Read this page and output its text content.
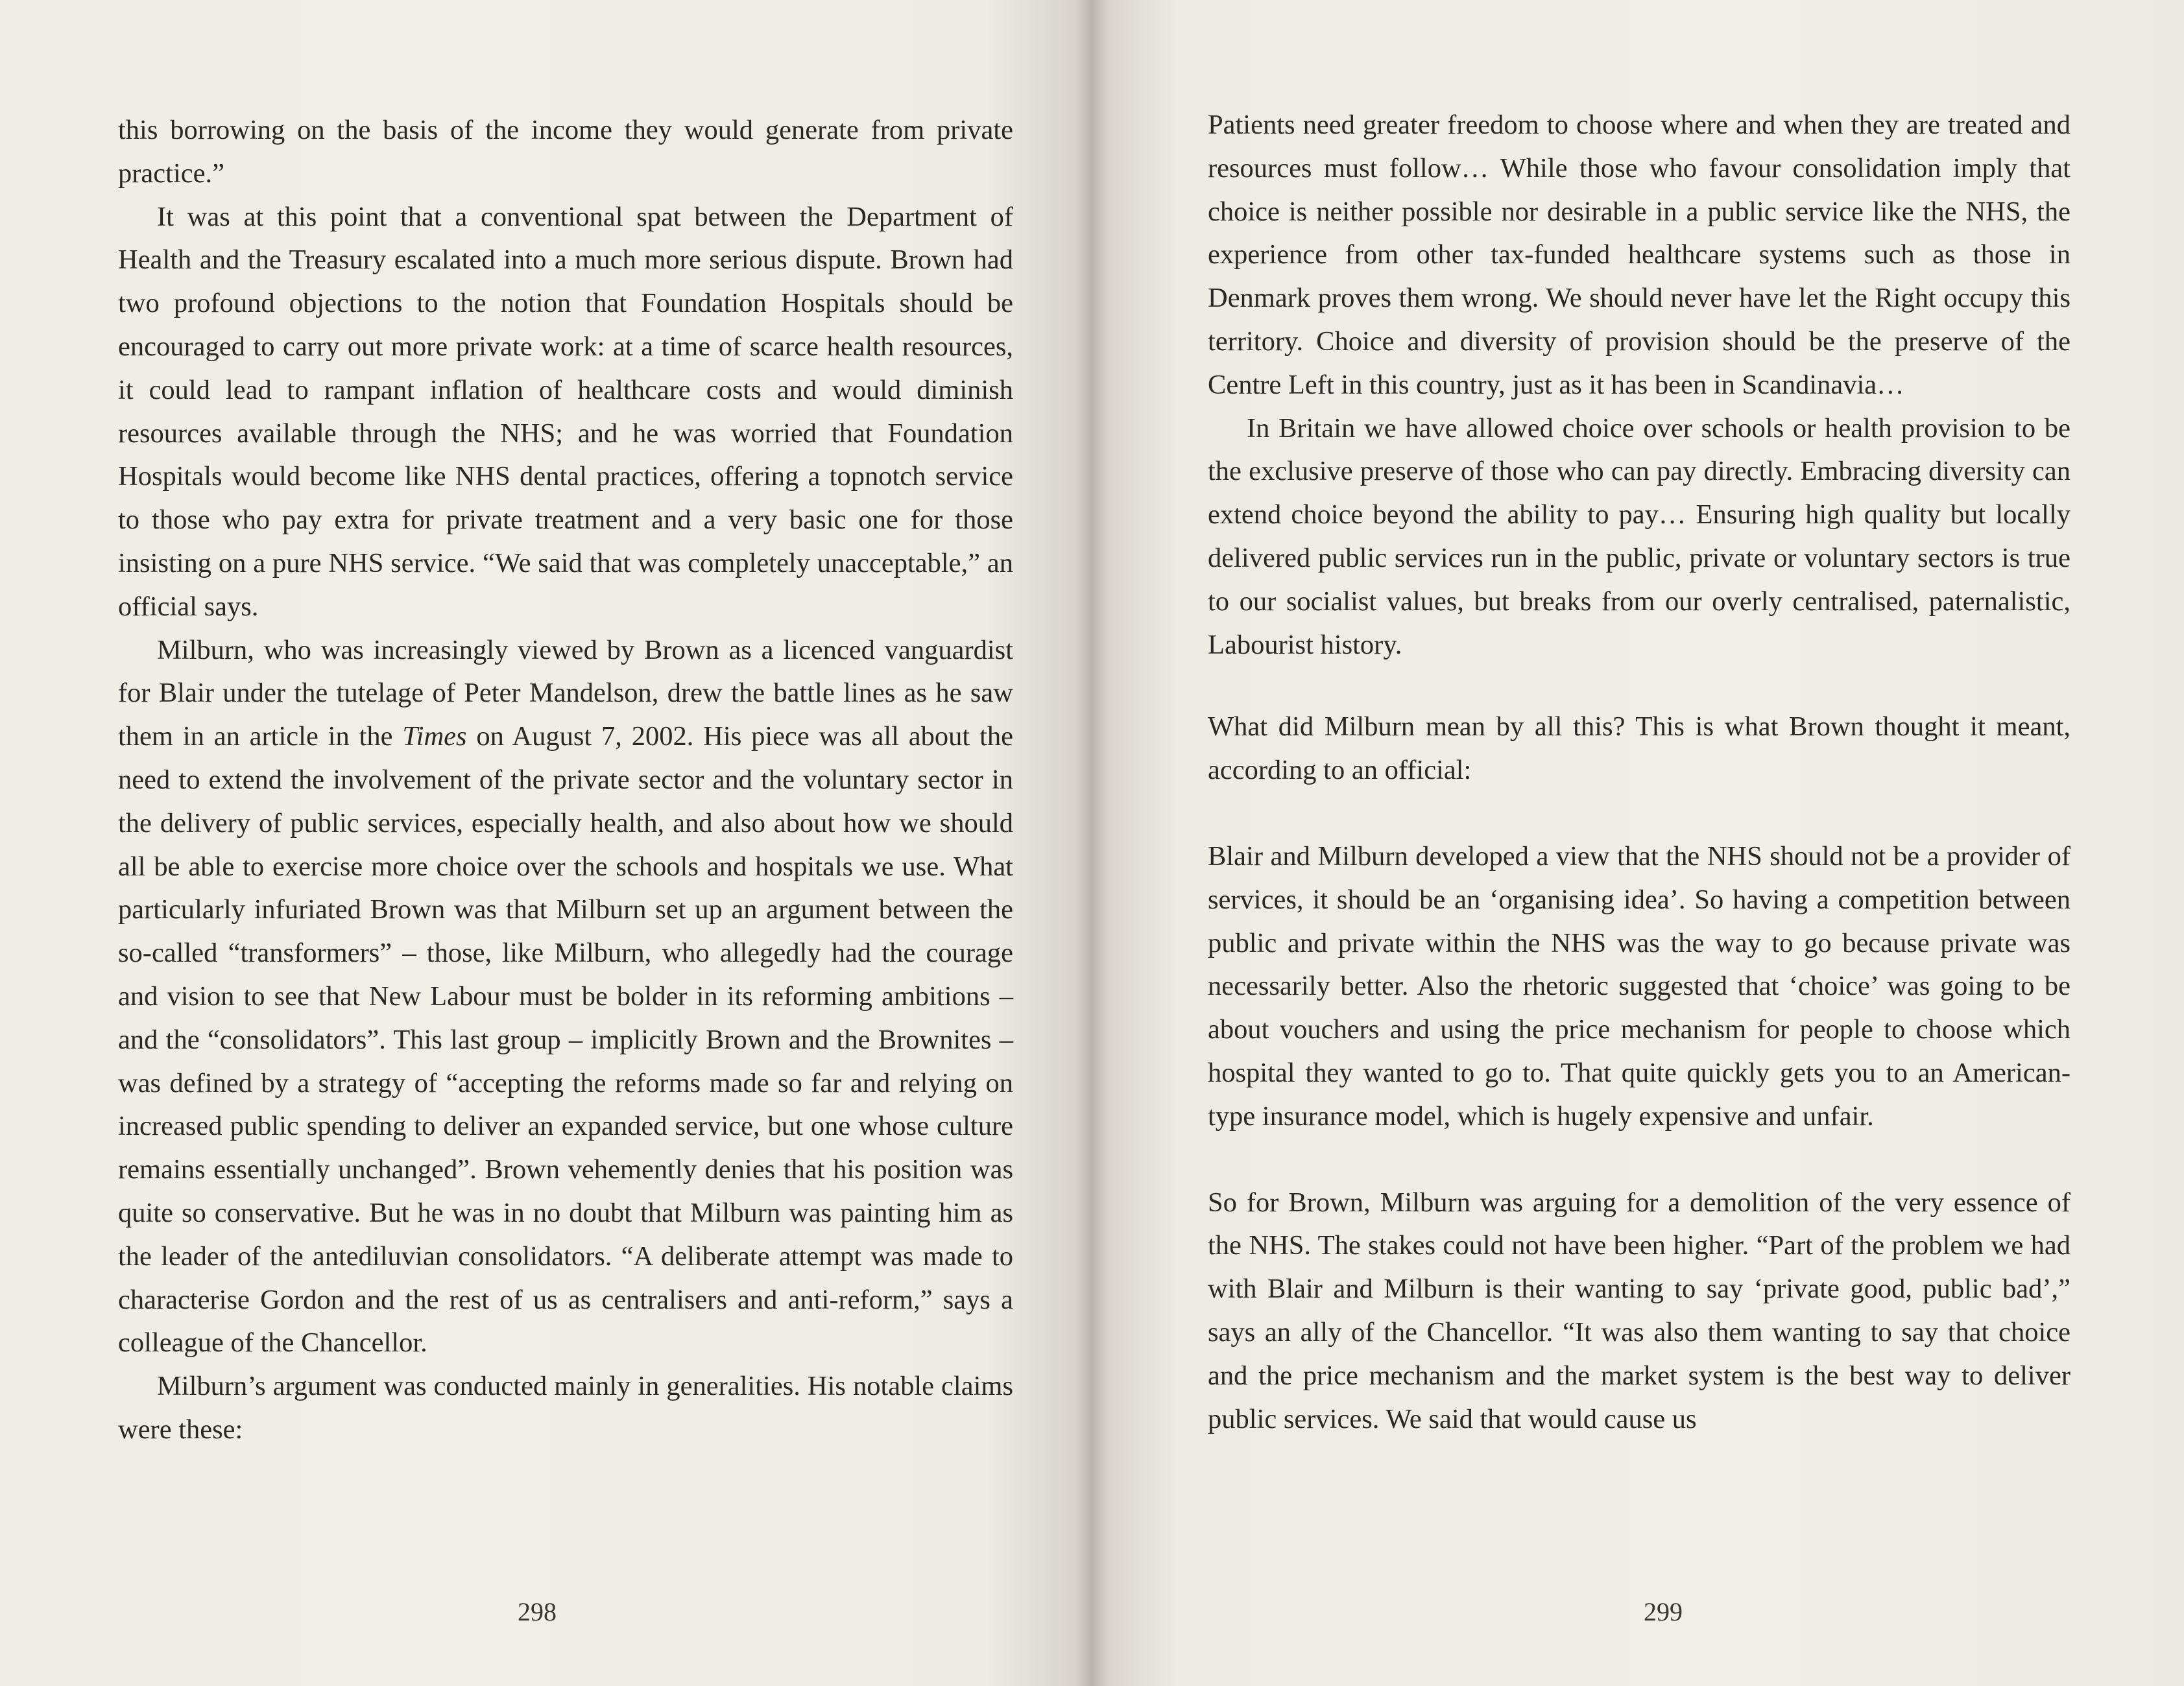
this borrowing on the basis of the income they would generate from private practice.”

It was at this point that a conventional spat between the Department of Health and the Treasury escalated into a much more serious dispute. Brown had two profound objections to the notion that Foundation Hospitals should be encouraged to carry out more private work: at a time of scarce health resources, it could lead to rampant inflation of healthcare costs and would diminish resources available through the NHS; and he was worried that Foundation Hospitals would become like NHS dental practices, offering a topnotch service to those who pay extra for private treatment and a very basic one for those insisting on a pure NHS service. “We said that was completely unacceptable,” an official says.

Milburn, who was increasingly viewed by Brown as a licenced vanguardist for Blair under the tutelage of Peter Mandelson, drew the battle lines as he saw them in an article in the Times on August 7, 2002. His piece was all about the need to extend the involvement of the private sector and the voluntary sector in the delivery of public services, especially health, and also about how we should all be able to exercise more choice over the schools and hospitals we use. What particularly infuriated Brown was that Milburn set up an argument between the so-called “transformers” – those, like Milburn, who allegedly had the courage and vision to see that New Labour must be bolder in its reforming ambitions – and the “consolidators”. This last group – implicitly Brown and the Brownites – was defined by a strategy of “accepting the reforms made so far and relying on increased public spending to deliver an expanded service, but one whose culture remains essentially unchanged”. Brown vehemently denies that his position was quite so conservative. But he was in no doubt that Milburn was painting him as the leader of the antediluvian consolidators. “A deliberate attempt was made to characterise Gordon and the rest of us as centralisers and anti-reform,” says a colleague of the Chancellor.

Milburn’s argument was conducted mainly in generalities. His notable claims were these:

298

Patients need greater freedom to choose where and when they are treated and resources must follow… While those who favour consolidation imply that choice is neither possible nor desirable in a public service like the NHS, the experience from other tax-funded healthcare systems such as those in Denmark proves them wrong. We should never have let the Right occupy this territory. Choice and diversity of provision should be the preserve of the Centre Left in this country, just as it has been in Scandinavia…

In Britain we have allowed choice over schools or health provision to be the exclusive preserve of those who can pay directly. Embracing diversity can extend choice beyond the ability to pay… Ensuring high quality but locally delivered public services run in the public, private or voluntary sectors is true to our socialist values, but breaks from our overly centralised, paternalistic, Labourist history.

What did Milburn mean by all this? This is what Brown thought it meant, according to an official:

Blair and Milburn developed a view that the NHS should not be a provider of services, it should be an ‘organising idea’. So having a competition between public and private within the NHS was the way to go because private was necessarily better. Also the rhetoric suggested that ‘choice’ was going to be about vouchers and using the price mechanism for people to choose which hospital they wanted to go to. That quite quickly gets you to an American-type insurance model, which is hugely expensive and unfair.

So for Brown, Milburn was arguing for a demolition of the very essence of the NHS. The stakes could not have been higher. “Part of the problem we had with Blair and Milburn is their wanting to say ‘private good, public bad’,” says an ally of the Chancellor. “It was also them wanting to say that choice and the price mechanism and the market system is the best way to deliver public services. We said that would cause us

299
